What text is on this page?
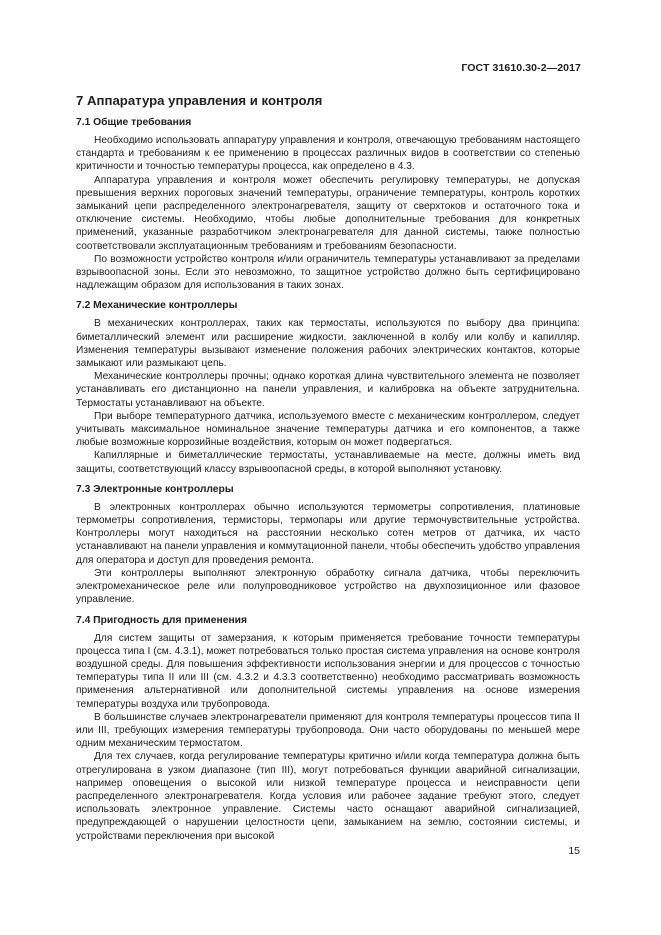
ГОСТ 31610.30-2—2017
7 Аппаратура управления и контроля
7.1 Общие требования

Необходимо использовать аппаратуру управления и контроля, отвечающую требованиям настоящего стандарта и требованиям к ее применению в процессах различных видов в соответствии со степенью критичности и точностью температуры процесса, как определено в 4.3.

Аппаратура управления и контроля может обеспечить регулировку температуры, не допуская превышения верхних пороговых значений температуры, ограничение температуры, контроль коротких замыканий цепи распределенного электронагревателя, защиту от сверхтоков и остаточного тока и отключение системы. Необходимо, чтобы любые дополнительные требования для конкретных применений, указанные разработчиком электронагревателя для данной системы, также полностью соответствовали эксплуатационным требованиям и требованиям безопасности.

По возможности устройство контроля и/или ограничитель температуры устанавливают за пределами взрывоопасной зоны. Если это невозможно, то защитное устройство должно быть сертифицировано надлежащим образом для использования в таких зонах.

7.2 Механические контроллеры

В механических контроллерах, таких как термостаты, используются по выбору два принципа: биметаллический элемент или расширение жидкости, заключенной в колбу или колбу и капилляр. Изменения температуры вызывают изменение положения рабочих электрических контактов, которые замыкают или размыкают цепь.

Механические контроллеры прочны; однако короткая длина чувствительного элемента не позволяет устанавливать его дистанционно на панели управления, и калибровка на объекте затруднительна. Термостаты устанавливают на объекте.

При выборе температурного датчика, используемого вместе с механическим контроллером, следует учитывать максимальное номинальное значение температуры датчика и его компонентов, а также любые возможные коррозийные воздействия, которым он может подвергаться.

Капиллярные и биметаллические термостаты, устанавливаемые на месте, должны иметь вид защиты, соответствующий классу взрывоопасной среды, в которой выполняют установку.

7.3 Электронные контроллеры

В электронных контроллерах обычно используются термометры сопротивления, платиновые термометры сопротивления, термисторы, термопары или другие термочувствительные устройства. Контроллеры могут находиться на расстоянии несколько сотен метров от датчика, их часто устанавливают на панели управления и коммутационной панели, чтобы обеспечить удобство управления для оператора и доступ для проведения ремонта.

Эти контроллеры выполняют электронную обработку сигнала датчика, чтобы переключить электромеханическое реле или полупроводниковое устройство на двухпозиционное или фазовое управление.

7.4 Пригодность для применения

Для систем защиты от замерзания, к которым применяется требование точности температуры процесса типа I (см. 4.3.1), может потребоваться только простая система управления на основе контроля воздушной среды. Для повышения эффективности использования энергии и для процессов с точностью температуры типа II или III (см. 4.3.2 и 4.3.3 соответственно) необходимо рассматривать возможность применения альтернативной или дополнительной системы управления на основе измерения температуры воздуха или трубопровода.

В большинстве случаев электронагреватели применяют для контроля температуры процессов типа II или III, требующих измерения температуры трубопровода. Они часто оборудованы по меньшей мере одним механическим термостатом.

Для тех случаев, когда регулирование температуры критично и/или когда температура должна быть отрегулирована в узком диапазоне (тип III), могут потребоваться функции аварийной сигнализации, например оповещения о высокой или низкой температуре процесса и неисправности цепи распределенного электронагревателя. Когда условия или рабочее задание требуют этого, следует использовать электронное управление. Системы часто оснащают аварийной сигнализацией, предупреждающей о нарушении целостности цепи, замыканием на землю, состоянии системы, и устройствами переключения при высокой

15
